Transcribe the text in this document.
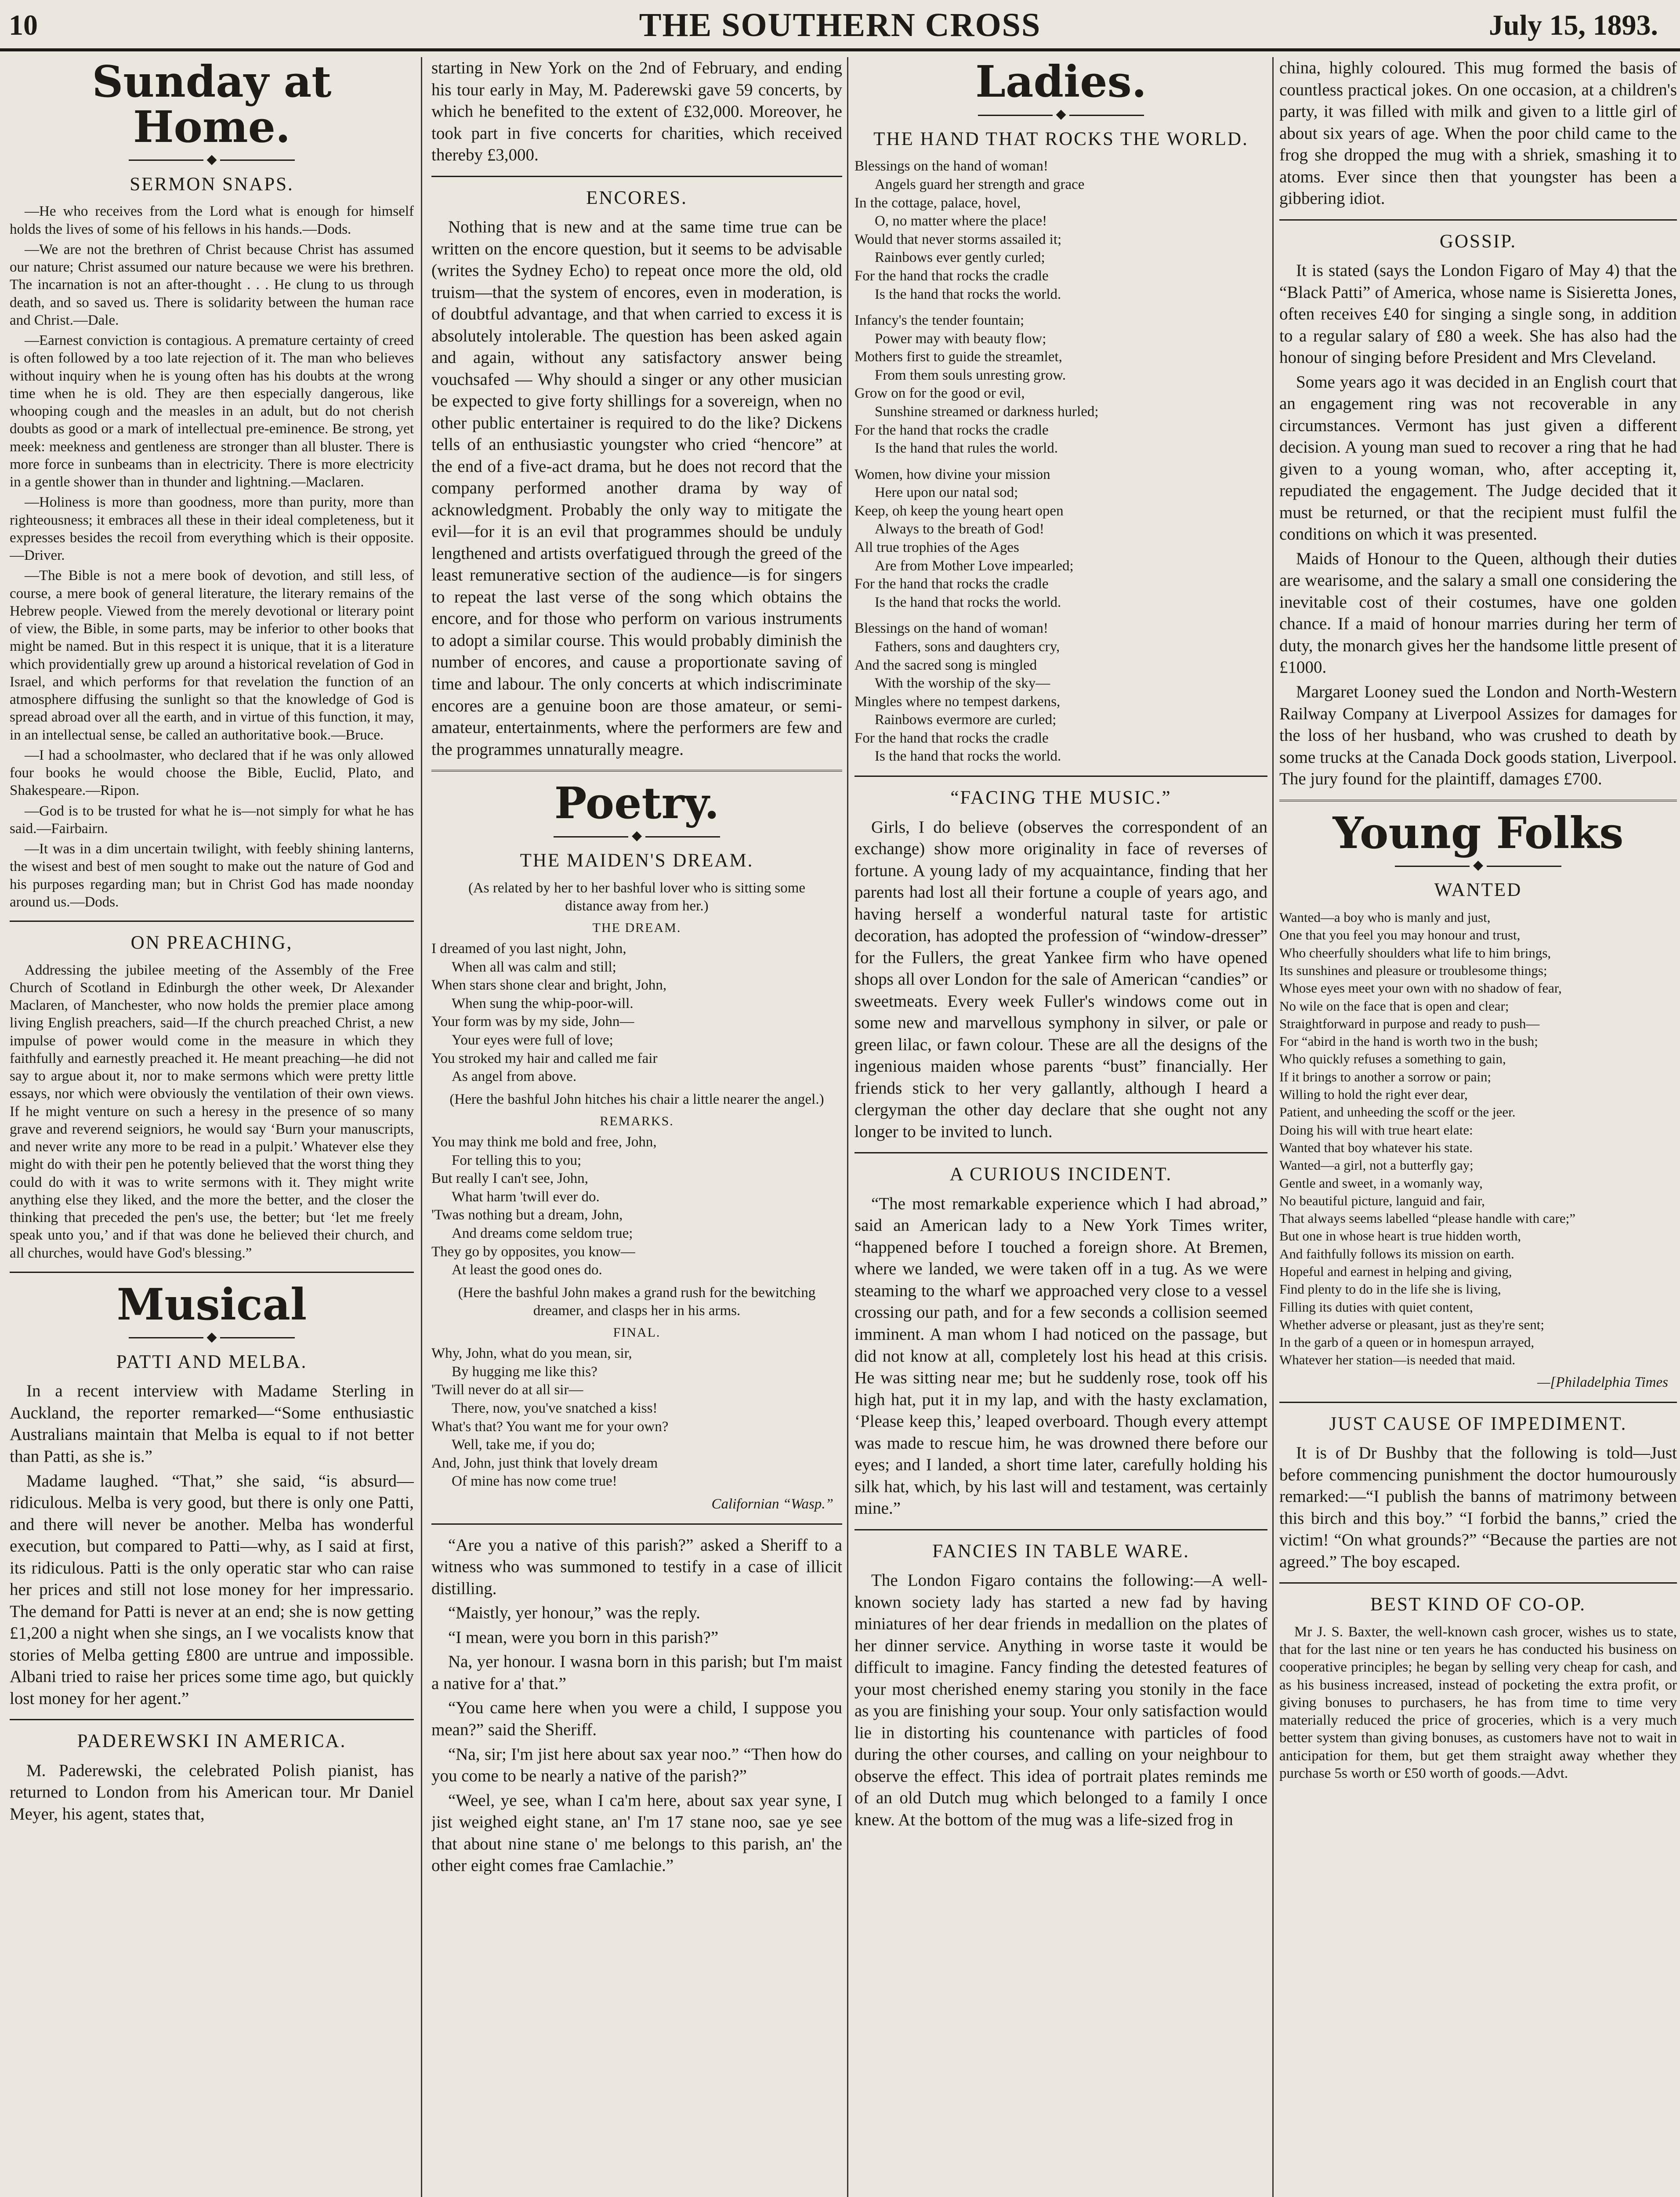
10	THE SOUTHERN CROSS	July 15, 1893.
Sunday at Home.
◆
SERMON SNAPS.

—He who receives from the Lord what is enough for himself holds the lives of some of his fellows in his hands.—Dods.

—We are not the brethren of Christ because Christ has assumed our nature; Christ assumed our nature because we were his brethren. The incarnation is not an after-thought . . . He clung to us through death, and so saved us. There is solidarity between the human race and Christ.—Dale.

—Earnest conviction is contagious. A premature certainty of creed is often followed by a too late rejection of it. The man who believes without inquiry when he is young often has his doubts at the wrong time when he is old. They are then especially dangerous, like whooping cough and the measles in an adult, but do not cherish doubts as good or a mark of intellectual pre-eminence. Be strong, yet meek: meekness and gentleness are stronger than all bluster. There is more force in sunbeams than in electricity. There is more electricity in a gentle shower than in thunder and lightning.—Maclaren.

—Holiness is more than goodness, more than purity, more than righteousness; it embraces all these in their ideal completeness, but it expresses besides the recoil from everything which is their opposite.—Driver.

—The Bible is not a mere book of devotion, and still less, of course, a mere book of general literature, the literary remains of the Hebrew people. Viewed from the merely devotional or literary point of view, the Bible, in some parts, may be inferior to other books that might be named. But in this respect it is unique, that it is a literature which providentially grew up around a historical revelation of God in Israel, and which performs for that revelation the function of an atmosphere diffusing the sunlight so that the knowledge of God is spread abroad over all the earth, and in virtue of this function, it may, in an intellectual sense, be called an authoritative book.—Bruce.

—I had a schoolmaster, who declared that if he was only allowed four books he would choose the Bible, Euclid, Plato, and Shakespeare.—Ripon.

—God is to be trusted for what he is—not simply for what he has said.—Fairbairn.

—It was in a dim uncertain twilight, with feebly shining lanterns, the wisest and best of men sought to make out the nature of God and his purposes regarding man; but in Christ God has made noonday around us.—Dods.

ON PREACHING,

Addressing the jubilee meeting of the Assembly of the Free Church of Scotland in Edinburgh the other week, Dr Alexander Maclaren, of Manchester, who now holds the premier place among living English preachers, said—If the church preached Christ, a new impulse of power would come in the measure in which they faithfully and earnestly preached it. He meant preaching—he did not say to argue about it, nor to make sermons which were pretty little essays, nor which were obviously the ventilation of their own views. If he might venture on such a heresy in the presence of so many grave and reverend seigniors, he would say ‘Burn your manuscripts, and never write any more to be read in a pulpit.’ Whatever else they might do with their pen he potently believed that the worst thing they could do with it was to write sermons with it. They might write anything else they liked, and the more the better, and the closer the thinking that preceded the pen's use, the better; but ‘let me freely speak unto you,’ and if that was done he believed their church, and all churches, would have God's blessing.”

Musical
◆
PATTI AND MELBA.

In a recent interview with Madame Sterling in Auckland, the reporter remarked—“Some enthusiastic Australians maintain that Melba is equal to if not better than Patti, as she is.”

Madame laughed. “That,” she said, “is absurd—ridiculous. Melba is very good, but there is only one Patti, and there will never be another. Melba has wonderful execution, but compared to Patti—why, as I said at first, its ridiculous. Patti is the only operatic star who can raise her prices and still not lose money for her impressario. The demand for Patti is never at an end; she is now getting £1,200 a night when she sings, an I we vocalists know that stories of Melba getting £800 are untrue and impossible. Albani tried to raise her prices some time ago, but quickly lost money for her agent.”

PADEREWSKI IN AMERICA.

M. Paderewski, the celebrated Polish pianist, has returned to London from his American tour. Mr Daniel Meyer, his agent, states that,

starting in New York on the 2nd of February, and ending his tour early in May, M. Paderewski gave 59 concerts, by which he benefited to the extent of £32,000. Moreover, he took part in five concerts for charities, which received thereby £3,000.

ENCORES.

Nothing that is new and at the same time true can be written on the encore question, but it seems to be advisable (writes the Sydney Echo) to repeat once more the old, old truism—that the system of encores, even in moderation, is of doubtful advantage, and that when carried to excess it is absolutely intolerable. The question has been asked again and again, without any satisfactory answer being vouchsafed — Why should a singer or any other musician be expected to give forty shillings for a sovereign, when no other public entertainer is required to do the like? Dickens tells of an enthusiastic youngster who cried “hencore” at the end of a five-act drama, but he does not record that the company performed another drama by way of acknowledgment. Probably the only way to mitigate the evil—for it is an evil that programmes should be unduly lengthened and artists overfatigued through the greed of the least remunerative section of the audience—is for singers to repeat the last verse of the song which obtains the encore, and for those who perform on various instruments to adopt a similar course. This would probably diminish the number of encores, and cause a proportionate saving of time and labour. The only concerts at which indiscriminate encores are a genuine boon are those amateur, or semi-amateur, entertainments, where the performers are few and the programmes unnaturally meagre.

Poetry.
◆
THE MAIDEN'S DREAM.
(As related by her to her bashful lover who is sitting some distance away from her.)
THE DREAM.
I dreamed of you last night, John,
When all was calm and still;
When stars shone clear and bright, John,
When sung the whip-poor-will.
Your form was by my side, John—
Your eyes were full of love;
You stroked my hair and called me fair
As angel from above.
(Here the bashful John hitches his chair a little nearer the angel.)
REMARKS.
You may think me bold and free, John,
For telling this to you;
But really I can't see, John,
What harm 'twill ever do.
'Twas nothing but a dream, John,
And dreams come seldom true;
They go by opposites, you know—
At least the good ones do.
(Here the bashful John makes a grand rush for the bewitching dreamer, and clasps her in his arms.
FINAL.
Why, John, what do you mean, sir,
By hugging me like this?
'Twill never do at all sir—
There, now, you've snatched a kiss!
What's that? You want me for your own?
Well, take me, if you do;
And, John, just think that lovely dream
Of mine has now come true!
Californian “Wasp.”

“Are you a native of this parish?” asked a Sheriff to a witness who was summoned to testify in a case of illicit distilling.

“Maistly, yer honour,” was the reply.

“I mean, were you born in this parish?”

Na, yer honour. I wasna born in this parish; but I'm maist a native for a' that.”

“You came here when you were a child, I suppose you mean?” said the Sheriff.

“Na, sir; I'm jist here about sax year noo.” “Then how do you come to be nearly a native of the parish?”

“Weel, ye see, whan I ca'm here, about sax year syne, I jist weighed eight stane, an' I'm 17 stane noo, sae ye see that about nine stane o' me belongs to this parish, an' the other eight comes frae Camlachie.”

Ladies.
◆
THE HAND THAT ROCKS THE WORLD.
Blessings on the hand of woman!
Angels guard her strength and grace
In the cottage, palace, hovel,
O, no matter where the place!
Would that never storms assailed it;
Rainbows ever gently curled;
For the hand that rocks the cradle
Is the hand that rocks the world.
Infancy's the tender fountain;
Power may with beauty flow;
Mothers first to guide the streamlet,
From them souls unresting grow.
Grow on for the good or evil,
Sunshine streamed or darkness hurled;
For the hand that rocks the cradle
Is the hand that rules the world.
Women, how divine your mission
Here upon our natal sod;
Keep, oh keep the young heart open
Always to the breath of God!
All true trophies of the Ages
Are from Mother Love impearled;
For the hand that rocks the cradle
Is the hand that rocks the world.
Blessings on the hand of woman!
Fathers, sons and daughters cry,
And the sacred song is mingled
With the worship of the sky—
Mingles where no tempest darkens,
Rainbows evermore are curled;
For the hand that rocks the cradle
Is the hand that rocks the world.
“FACING THE MUSIC.”

Girls, I do believe (observes the correspondent of an exchange) show more originality in face of reverses of fortune. A young lady of my acquaintance, finding that her parents had lost all their fortune a couple of years ago, and having herself a wonderful natural taste for artistic decoration, has adopted the profession of “window-dresser” for the Fullers, the great Yankee firm who have opened shops all over London for the sale of American “candies” or sweetmeats. Every week Fuller's windows come out in some new and marvellous symphony in silver, or pale or green lilac, or fawn colour. These are all the designs of the ingenious maiden whose parents “bust” financially. Her friends stick to her very gallantly, although I heard a clergyman the other day declare that she ought not any longer to be invited to lunch.

A CURIOUS INCIDENT.

“The most remarkable experience which I had abroad,” said an American lady to a New York Times writer, “happened before I touched a foreign shore. At Bremen, where we landed, we were taken off in a tug. As we were steaming to the wharf we approached very close to a vessel crossing our path, and for a few seconds a collision seemed imminent. A man whom I had noticed on the passage, but did not know at all, completely lost his head at this crisis. He was sitting near me; but he suddenly rose, took off his high hat, put it in my lap, and with the hasty exclamation, ‘Please keep this,’ leaped overboard. Though every attempt was made to rescue him, he was drowned there before our eyes; and I landed, a short time later, carefully holding his silk hat, which, by his last will and testament, was certainly mine.”

FANCIES IN TABLE WARE.

The London Figaro contains the following:—A well-known society lady has started a new fad by having miniatures of her dear friends in medallion on the plates of her dinner service. Anything in worse taste it would be difficult to imagine. Fancy finding the detested features of your most cherished enemy staring you stonily in the face as you are finishing your soup. Your only satisfaction would lie in distorting his countenance with particles of food during the other courses, and calling on your neighbour to observe the effect. This idea of portrait plates reminds me of an old Dutch mug which belonged to a family I once knew. At the bottom of the mug was a life-sized frog in

china, highly coloured. This mug formed the basis of countless practical jokes. On one occasion, at a children's party, it was filled with milk and given to a little girl of about six years of age. When the poor child came to the frog she dropped the mug with a shriek, smashing it to atoms. Ever since then that youngster has been a gibbering idiot.

GOSSIP.

It is stated (says the London Figaro of May 4) that the “Black Patti” of America, whose name is Sisieretta Jones, often receives £40 for singing a single song, in addition to a regular salary of £80 a week. She has also had the honour of singing before President and Mrs Cleveland.

Some years ago it was decided in an English court that an engagement ring was not recoverable in any circumstances. Vermont has just given a different decision. A young man sued to recover a ring that he had given to a young woman, who, after accepting it, repudiated the engagement. The Judge decided that it must be returned, or that the recipient must fulfil the conditions on which it was presented.

Maids of Honour to the Queen, although their duties are wearisome, and the salary a small one considering the inevitable cost of their costumes, have one golden chance. If a maid of honour marries during her term of duty, the monarch gives her the handsome little present of £1000.

Margaret Looney sued the London and North-Western Railway Company at Liverpool Assizes for damages for the loss of her husband, who was crushed to death by some trucks at the Canada Dock goods station, Liverpool. The jury found for the plaintiff, damages £700.

Young Folks
◆
WANTED
Wanted—a boy who is manly and just,
One that you feel you may honour and trust,
Who cheerfully shoulders what life to him brings,
Its sunshines and pleasure or troublesome things;
Whose eyes meet your own with no shadow of fear,
No wile on the face that is open and clear;
Straightforward in purpose and ready to push—
For “abird in the hand is worth two in the bush;
Who quickly refuses a something to gain,
If it brings to another a sorrow or pain;
Willing to hold the right ever dear,
Patient, and unheeding the scoff or the jeer.
Doing his will with true heart elate:
Wanted that boy whatever his state.
Wanted—a girl, not a butterfly gay;
Gentle and sweet, in a womanly way,
No beautiful picture, languid and fair,
That always seems labelled “please handle with care;”
But one in whose heart is true hidden worth,
And faithfully follows its mission on earth.
Hopeful and earnest in helping and giving,
Find plenty to do in the life she is living,
Filling its duties with quiet content,
Whether adverse or pleasant, just as they're sent;
In the garb of a queen or in homespun arrayed,
Whatever her station—is needed that maid.
—[Philadelphia Times
JUST CAUSE OF IMPEDIMENT.

It is of Dr Bushby that the following is told—Just before commencing punishment the doctor humourously remarked:—“I publish the banns of matrimony between this birch and this boy.” “I forbid the banns,” cried the victim! “On what grounds?” “Because the parties are not agreed.” The boy escaped.

BEST KIND OF CO-OP.

Mr J. S. Baxter, the well-known cash grocer, wishes us to state, that for the last nine or ten years he has conducted his business on cooperative principles; he began by selling very cheap for cash, and as his business increased, instead of pocketing the extra profit, or giving bonuses to purchasers, he has from time to time very materially reduced the price of groceries, which is a very much better system than giving bonuses, as customers have not to wait in anticipation for them, but get them straight away whether they purchase 5s worth or £50 worth of goods.—Advt.
